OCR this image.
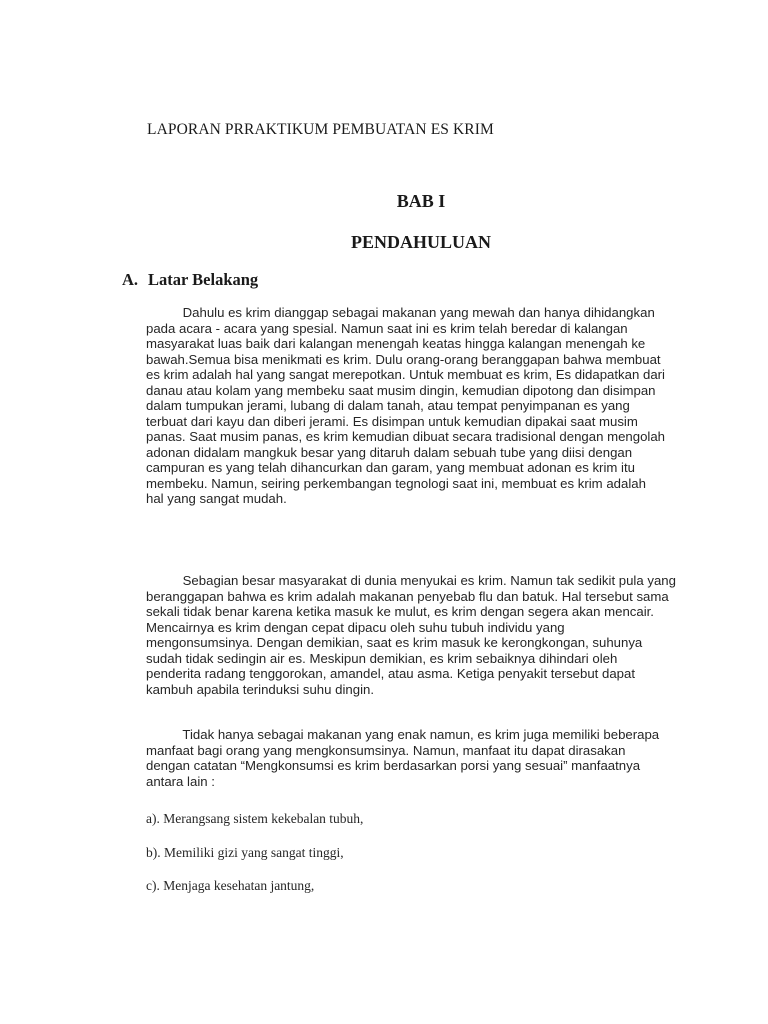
LAPORAN PRRAKTIKUM PEMBUATAN ES KRIM
BAB I
PENDAHULUAN
A. Latar Belakang

Dahulu es krim dianggap sebagai makanan yang mewah dan hanya dihidangkan
pada acara - acara yang spesial. Namun saat ini es krim telah beredar di kalangan
masyarakat luas baik dari kalangan menengah keatas hingga kalangan menengah ke
bawah.Semua bisa menikmati es krim. Dulu orang-orang beranggapan bahwa membuat
es krim adalah hal yang sangat merepotkan. Untuk membuat es krim, Es didapatkan dari
danau atau kolam yang membeku saat musim dingin, kemudian dipotong dan disimpan
dalam tumpukan jerami, lubang di dalam tanah, atau tempat penyimpanan es yang
terbuat dari kayu dan diberi jerami. Es disimpan untuk kemudian dipakai saat musim
panas. Saat musim panas, es krim kemudian dibuat secara tradisional dengan mengolah
adonan didalam mangkuk besar yang ditaruh dalam sebuah tube yang diisi dengan
campuran es yang telah dihancurkan dan garam, yang membuat adonan es krim itu
membeku. Namun, seiring perkembangan tegnologi saat ini, membuat es krim adalah
hal yang sangat mudah.

Sebagian besar masyarakat di dunia menyukai es krim. Namun tak sedikit pula yang
beranggapan bahwa es krim adalah makanan penyebab flu dan batuk. Hal tersebut sama
sekali tidak benar karena ketika masuk ke mulut, es krim dengan segera akan mencair.
Mencairnya es krim dengan cepat dipacu oleh suhu tubuh individu yang
mengonsumsinya. Dengan demikian, saat es krim masuk ke kerongkongan, suhunya
sudah tidak sedingin air es. Meskipun demikian, es krim sebaiknya dihindari oleh
penderita radang tenggorokan, amandel, atau asma. Ketiga penyakit tersebut dapat
kambuh apabila terinduksi suhu dingin.

Tidak hanya sebagai makanan yang enak namun, es krim juga memiliki beberapa
manfaat bagi orang yang mengkonsumsinya. Namun, manfaat itu dapat dirasakan
dengan catatan “Mengkonsumsi es krim berdasarkan porsi yang sesuai” manfaatnya
antara lain :

a). Merangsang sistem kekebalan tubuh,

b). Memiliki gizi yang sangat tinggi,

c). Menjaga kesehatan jantung,
